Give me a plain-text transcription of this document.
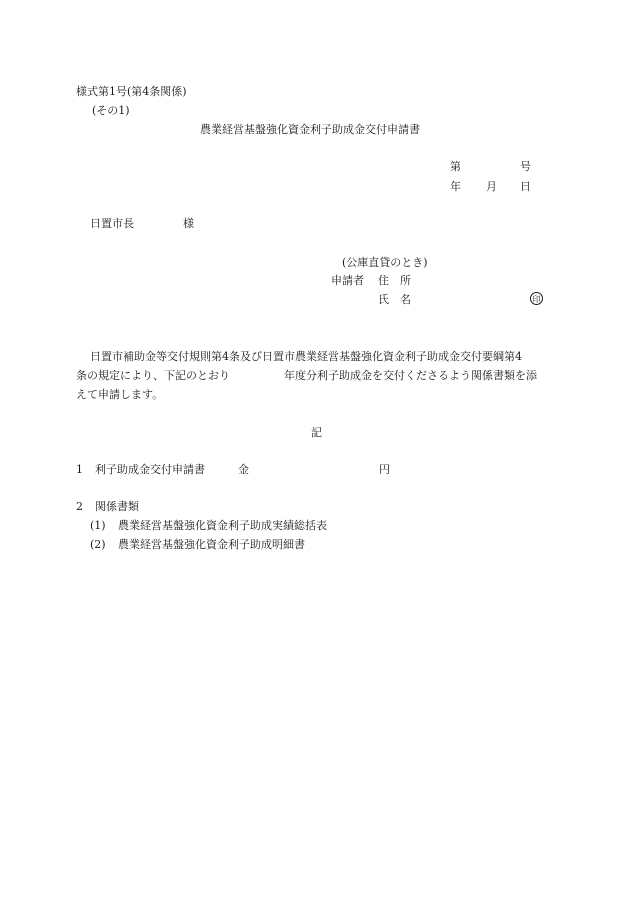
様式第1号(第4条関係)
(その1)
農業経営基盤強化資金利子助成金交付申請書
第	号
年 月 日
日置市長	様
(公庫直貸のとき)
申請者 住　所
氏　名	印
日置市補助金等交付規則第4条及び日置市農業経営基盤強化資金利子助成金交付要綱第4
条の規定により、下記のとおり	年度分利子助成金を交付くださるよう関係書類を添
えて申請します。
記
1 利子助成金交付申請書	金	円
2 関係書類
(1) 農業経営基盤強化資金利子助成実績総括表
(2) 農業経営基盤強化資金利子助成明細書
